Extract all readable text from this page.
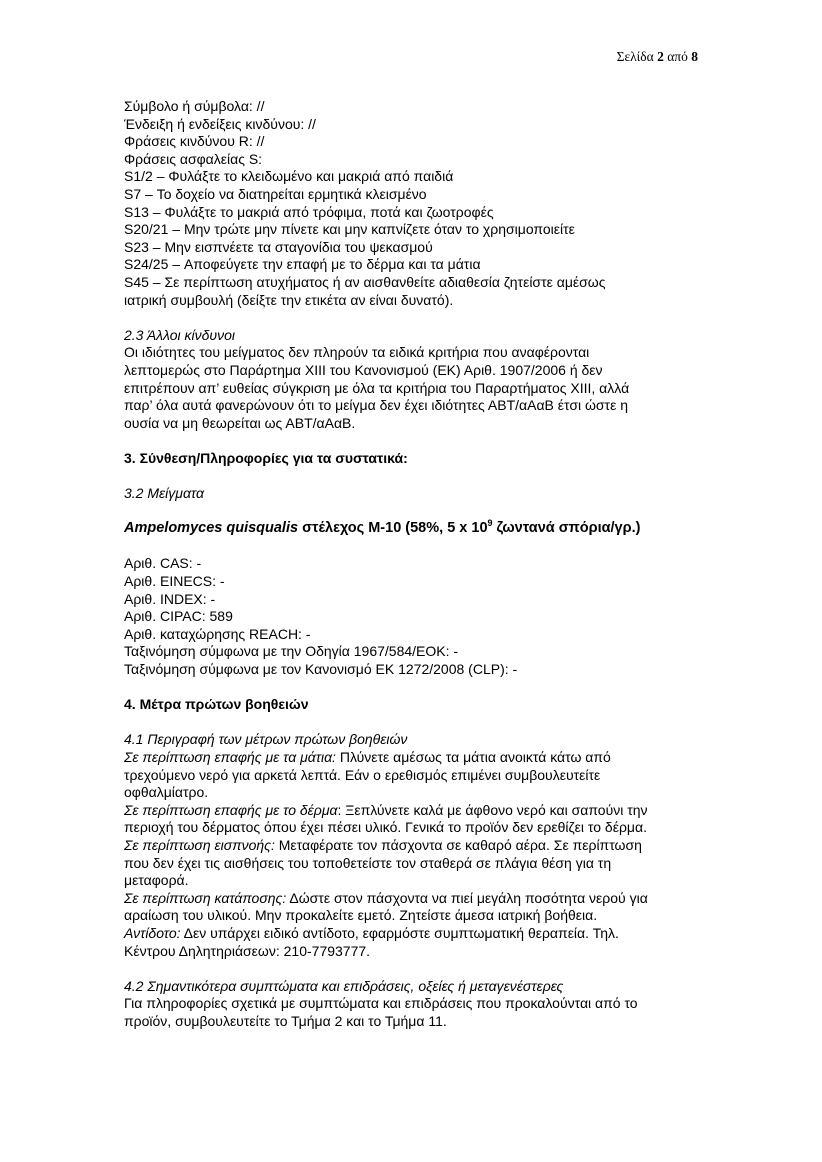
Σελίδα 2 από 8
Σύμβολο ή σύμβολα: //
Ένδειξη ή ενδείξεις κινδύνου: //
Φράσεις κινδύνου R: //
Φράσεις ασφαλείας S:
S1/2 – Φυλάξτε το κλειδωμένο και μακριά από παιδιά
S7 – Το δοχείο να διατηρείται ερμητικά κλεισμένο
S13 – Φυλάξτε το μακριά από τρόφιμα, ποτά και ζωοτροφές
S20/21 – Μην τρώτε μην πίνετε και μην καπνίζετε όταν το χρησιμοποιείτε
S23 – Μην εισπνέετε τα σταγονίδια του ψεκασμού
S24/25 – Αποφεύγετε την επαφή με το δέρμα και τα μάτια
S45 – Σε περίπτωση ατυχήματος ή αν αισθανθείτε αδιαθεσία ζητείστε αμέσως
ιατρική συμβουλή (δείξτε την ετικέτα αν είναι δυνατό).
2.3 Άλλοι κίνδυνοι
Οι ιδιότητες του μείγματος δεν πληρούν τα ειδικά κριτήρια που αναφέρονται
λεπτομερώς στο Παράρτημα XIII του Κανονισμού (ΕΚ) Αριθ. 1907/2006 ή δεν
επιτρέπουν απ’ ευθείας σύγκριση με όλα τα κριτήρια του Παραρτήματος XIII, αλλά
παρ’ όλα αυτά φανερώνουν ότι το μείγμα δεν έχει ιδιότητες ΑΒΤ/αΑαΒ έτσι ώστε η
ουσία να μη θεωρείται ως ΑΒΤ/αΑαΒ.
3. Σύνθεση/Πληροφορίες για τα συστατικά:
3.2 Μείγματα
Ampelomyces quisqualis στέλεχος Μ-10 (58%, 5 x $10^9$ ζωντανά σπόρια/γρ.)
Αριθ. CAS: -
Αριθ. EINECS: -
Αριθ. INDEX: -
Αριθ. CIPAC: 589
Αριθ. καταχώρησης REACH: -
Ταξινόμηση σύμφωνα με την Οδηγία 1967/584/ΕΟΚ: -
Ταξινόμηση σύμφωνα με τον Κανονισμό ΕΚ 1272/2008 (CLP): -
4. Μέτρα πρώτων βοηθειών
4.1 Περιγραφή των μέτρων πρώτων βοηθειών
Σε περίπτωση επαφής με τα μάτια: Πλύνετε αμέσως τα μάτια ανοικτά κάτω από
τρεχούμενο νερό για αρκετά λεπτά. Εάν ο ερεθισμός επιμένει συμβουλευτείτε
οφθαλμίατρο.
Σε περίπτωση επαφής με το δέρμα: Ξεπλύνετε καλά με άφθονο νερό και σαπούνι την
περιοχή του δέρματος όπου έχει πέσει υλικό. Γενικά το προϊόν δεν ερεθίζει το δέρμα.
Σε περίπτωση εισπνοής: Μεταφέρατε τον πάσχοντα σε καθαρό αέρα. Σε περίπτωση
που δεν έχει τις αισθήσεις του τοποθετείστε τον σταθερά σε πλάγια θέση για τη
μεταφορά.
Σε περίπτωση κατάποσης: Δώστε στον πάσχοντα να πιεί μεγάλη ποσότητα νερού για
αραίωση του υλικού. Μην προκαλείτε εμετό. Ζητείστε άμεσα ιατρική βοήθεια.
Αντίδοτο: Δεν υπάρχει ειδικό αντίδοτο, εφαρμόστε συμπτωματική θεραπεία. Τηλ.
Κέντρου Δηλητηριάσεων: 210-7793777.
4.2 Σημαντικότερα συμπτώματα και επιδράσεις, οξείες ή μεταγενέστερες
Για πληροφορίες σχετικά με συμπτώματα και επιδράσεις που προκαλούνται από το
προϊόν, συμβουλευτείτε το Τμήμα 2 και το Τμήμα 11.
